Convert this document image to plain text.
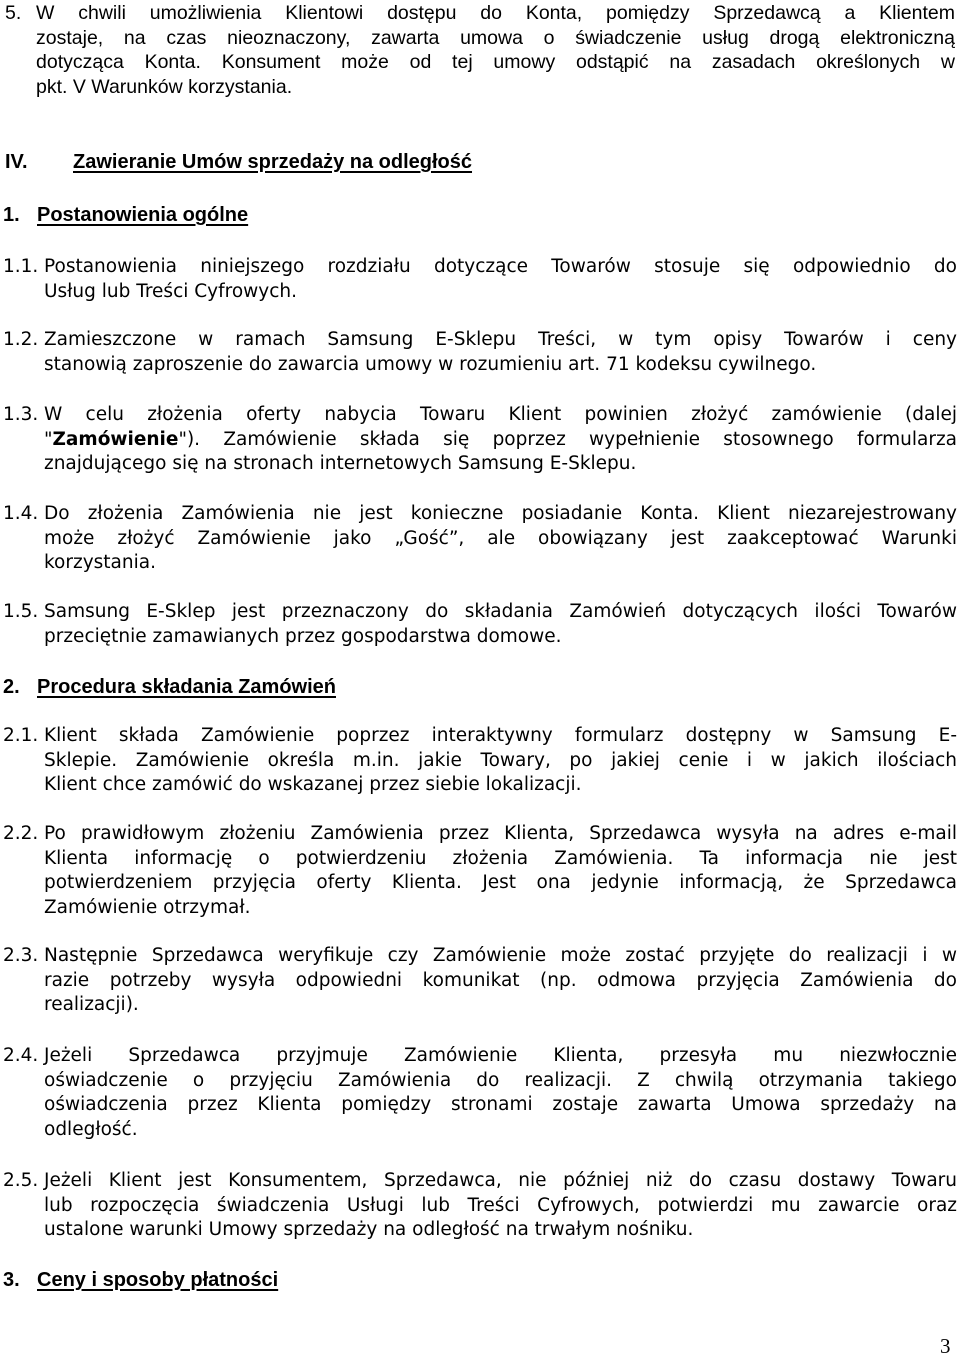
5. W chwili umożliwienia Klientowi dostępu do Konta, pomiędzy Sprzedawcą a Klientem
zostaje, na czas nieoznaczony, zawarta umowa o świadczenie usług drogą elektroniczną
dotycząca Konta. Konsument może od tej umowy odstąpić na zasadach określonych w
pkt. V Warunków korzystania.
IV. Zawieranie Umów sprzedaży na odległość
1. Postanowienia ogólne
1.1. Postanowienia niniejszego rozdziału dotyczące Towarów stosuje się odpowiednio do
Usług lub Treści Cyfrowych.
1.2. Zamieszczone w ramach Samsung E-Sklepu Treści, w tym opisy Towarów i ceny
stanowią zaproszenie do zawarcia umowy w rozumieniu art. 71 kodeksu cywilnego.
1.3. W celu złożenia oferty nabycia Towaru Klient powinien złożyć zamówienie (dalej
"Zamówienie"). Zamówienie składa się poprzez wypełnienie stosownego formularza
znajdującego się na stronach internetowych Samsung E-Sklepu.
1.4. Do złożenia Zamówienia nie jest konieczne posiadanie Konta. Klient niezarejestrowany
może złożyć Zamówienie jako „Gość”, ale obowiązany jest zaakceptować Warunki
korzystania.
1.5. Samsung E-Sklep jest przeznaczony do składania Zamówień dotyczących ilości Towarów
przeciętnie zamawianych przez gospodarstwa domowe.
2. Procedura składania Zamówień
2.1. Klient składa Zamówienie poprzez interaktywny formularz dostępny w Samsung E-
Sklepie. Zamówienie określa m.in. jakie Towary, po jakiej cenie i w jakich ilościach
Klient chce zamówić do wskazanej przez siebie lokalizacji.
2.2. Po prawidłowym złożeniu Zamówienia przez Klienta, Sprzedawca wysyła na adres e-mail
Klienta informację o potwierdzeniu złożenia Zamówienia. Ta informacja nie jest
potwierdzeniem przyjęcia oferty Klienta. Jest ona jedynie informacją, że Sprzedawca
Zamówienie otrzymał.
2.3. Następnie Sprzedawca weryfikuje czy Zamówienie może zostać przyjęte do realizacji i w
razie potrzeby wysyła odpowiedni komunikat (np. odmowa przyjęcia Zamówienia do
realizacji).
2.4. Jeżeli Sprzedawca przyjmuje Zamówienie Klienta, przesyła mu niezwłocznie
oświadczenie o przyjęciu Zamówienia do realizacji. Z chwilą otrzymania takiego
oświadczenia przez Klienta pomiędzy stronami zostaje zawarta Umowa sprzedaży na
odległość.
2.5. Jeżeli Klient jest Konsumentem, Sprzedawca, nie później niż do czasu dostawy Towaru
lub rozpoczęcia świadczenia Usługi lub Treści Cyfrowych, potwierdzi mu zawarcie oraz
ustalone warunki Umowy sprzedaży na odległość na trwałym nośniku.
3. Ceny i sposoby płatności
3
